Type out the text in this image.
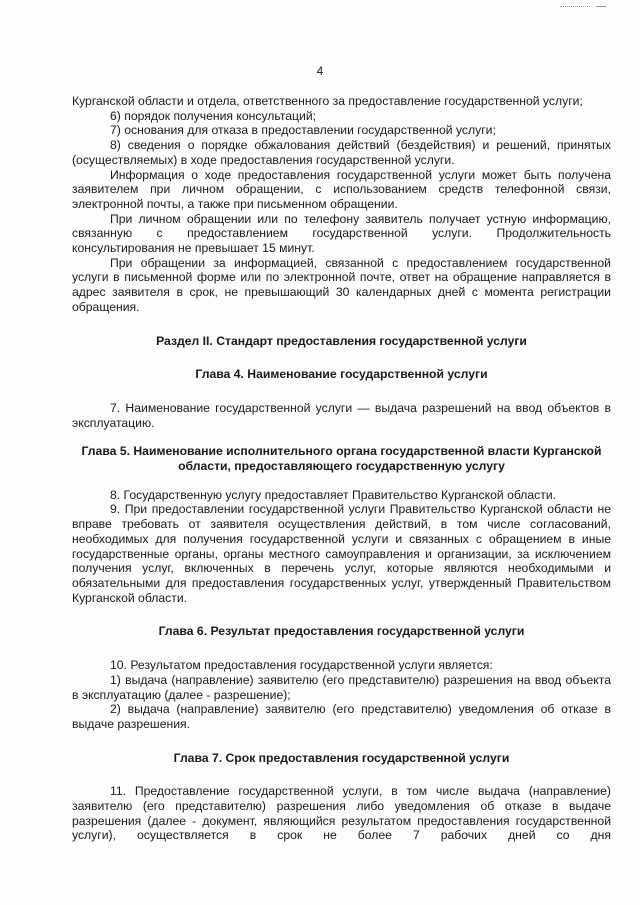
4

Курганской области и отдела, ответственного за предоставление государственной услуги;

6) порядок получения консультаций;

7) основания для отказа в предоставлении государственной услуги;

8) сведения о порядке обжалования действий (бездействия) и решений, принятых (осуществляемых) в ходе предоставления государственной услуги.

Информация о ходе предоставления государственной услуги может быть получена заявителем при личном обращении, с использованием средств телефонной связи, электронной почты, а также при письменном обращении.

При личном обращении или по телефону заявитель получает устную информацию, связанную с предоставлением государственной услуги. Продолжительность консультирования не превышает 15 минут.

При обращении за информацией, связанной с предоставлением государственной услуги в письменной форме или по электронной почте, ответ на обращение направляется в адрес заявителя в срок, не превышающий 30 календарных дней с момента регистрации обращения.

Раздел II. Стандарт предоставления государственной услуги

Глава 4. Наименование государственной услуги

7. Наименование государственной услуги — выдача разрешений на ввод объектов в эксплуатацию.

Глава 5. Наименование исполнительного органа государственной власти Курганской области, предоставляющего государственную услугу

8. Государственную услугу предоставляет Правительство Курганской области.

9. При предоставлении государственной услуги Правительство Курганской области не вправе требовать от заявителя осуществления действий, в том числе согласований, необходимых для получения государственной услуги и связанных с обращением в иные государственные органы, органы местного самоуправления и организации, за исключением получения услуг, включенных в перечень услуг, которые являются необходимыми и обязательными для предоставления государственных услуг, утвержденный Правительством Курганской области.

Глава 6. Результат предоставления государственной услуги

10. Результатом предоставления государственной услуги является:

1) выдача (направление) заявителю (его представителю) разрешения на ввод объекта в эксплуатацию (далее - разрешение);

2) выдача (направление) заявителю (его представителю) уведомления об отказе в выдаче разрешения.

Глава 7. Срок предоставления государственной услуги

11. Предоставление государственной услуги, в том числе выдача (направление) заявителю (его представителю) разрешения либо уведомления об отказе в выдаче разрешения (далее - документ, являющийся результатом предоставления государственной услуги), осуществляется в срок не более 7 рабочих дней со дня
